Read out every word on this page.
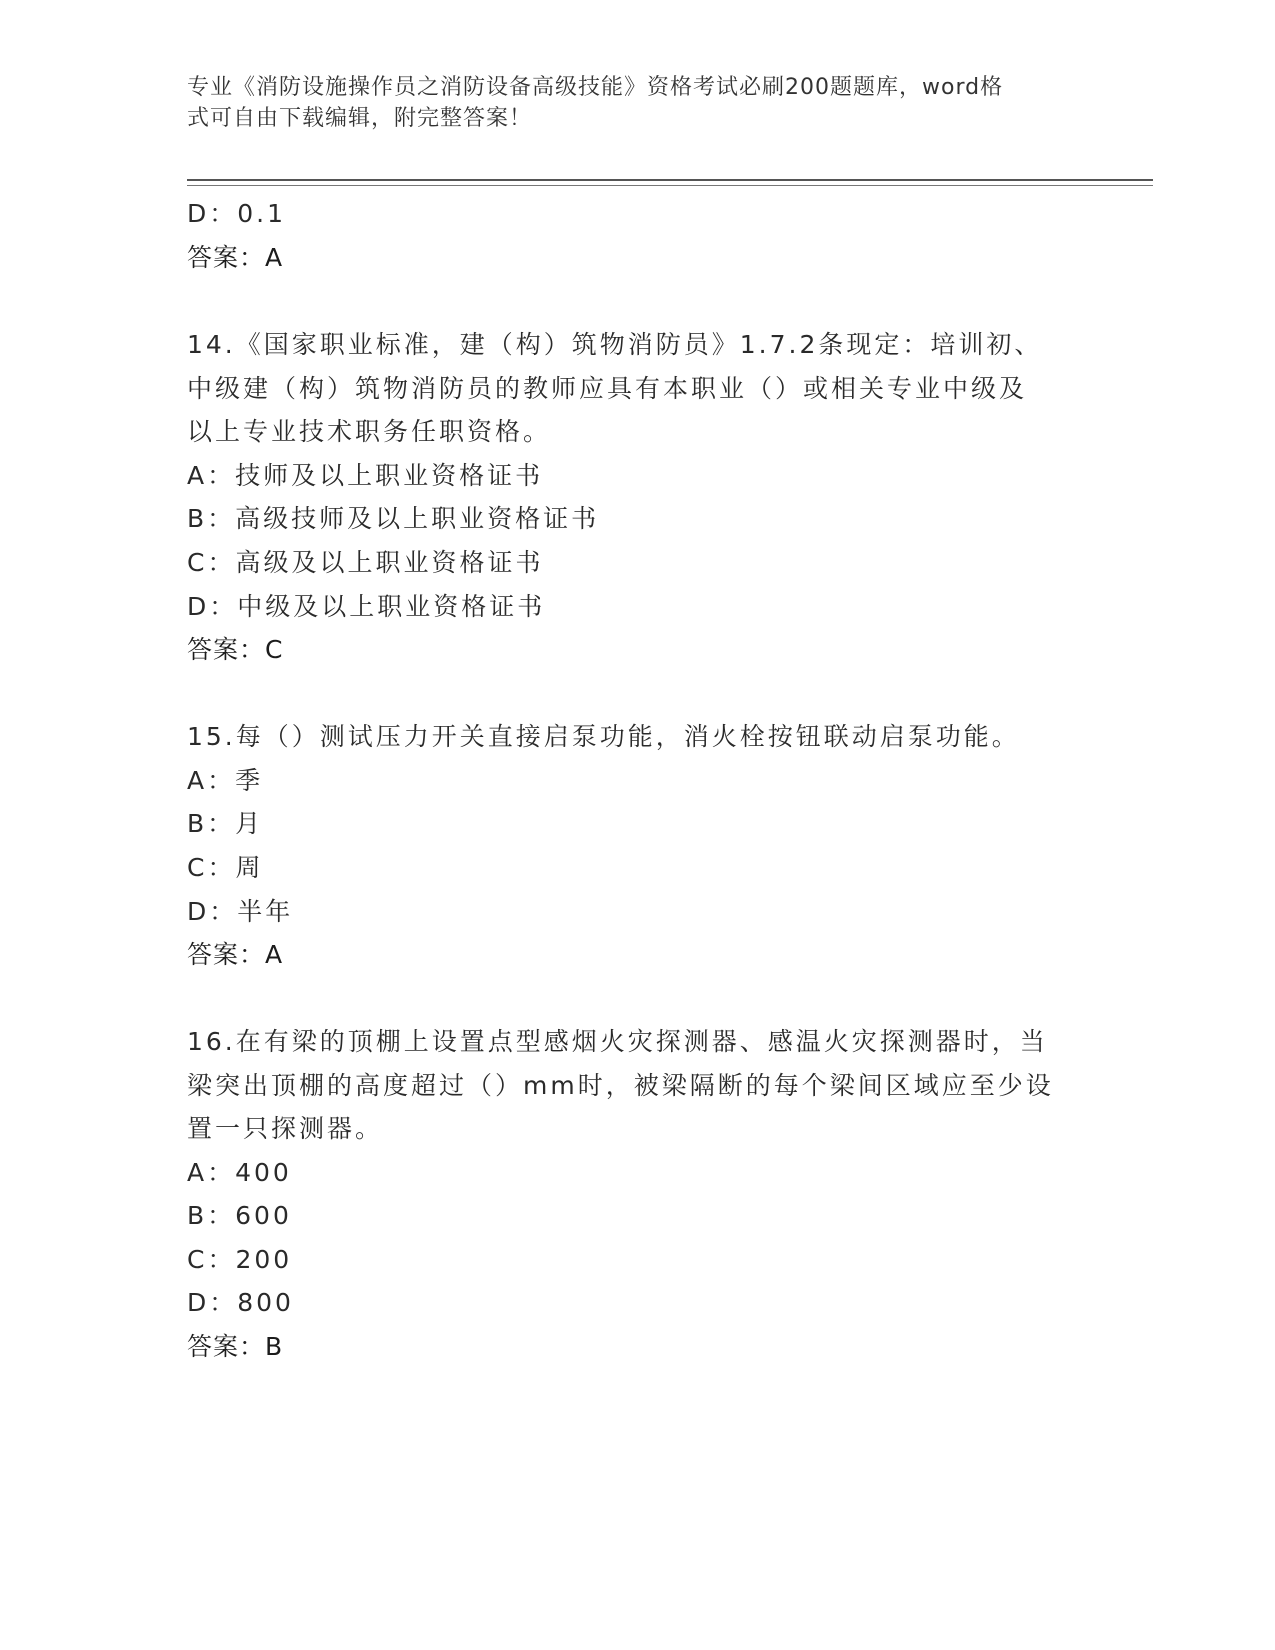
专业《消防设施操作员之消防设备高级技能》资格考试必刷200题题库，word格
式可自由下载编辑，附完整答案！
D：0.1
答案：A
14.《国家职业标准，建（构）筑物消防员》1.7.2条现定：培训初、
中级建（构）筑物消防员的教师应具有本职业（）或相关专业中级及
以上专业技术职务任职资格。
A：技师及以上职业资格证书
B：高级技师及以上职业资格证书
C：高级及以上职业资格证书
D：中级及以上职业资格证书
答案：C
15.每（）测试压力开关直接启泵功能，消火栓按钮联动启泵功能。
A：季
B：月
C：周
D：半年
答案：A
16.在有梁的顶棚上设置点型感烟火灾探测器、感温火灾探测器时，当
梁突出顶棚的高度超过（）mm时，被梁隔断的每个梁间区域应至少设
置一只探测器。
A：400
B：600
C：200
D：800
答案：B
